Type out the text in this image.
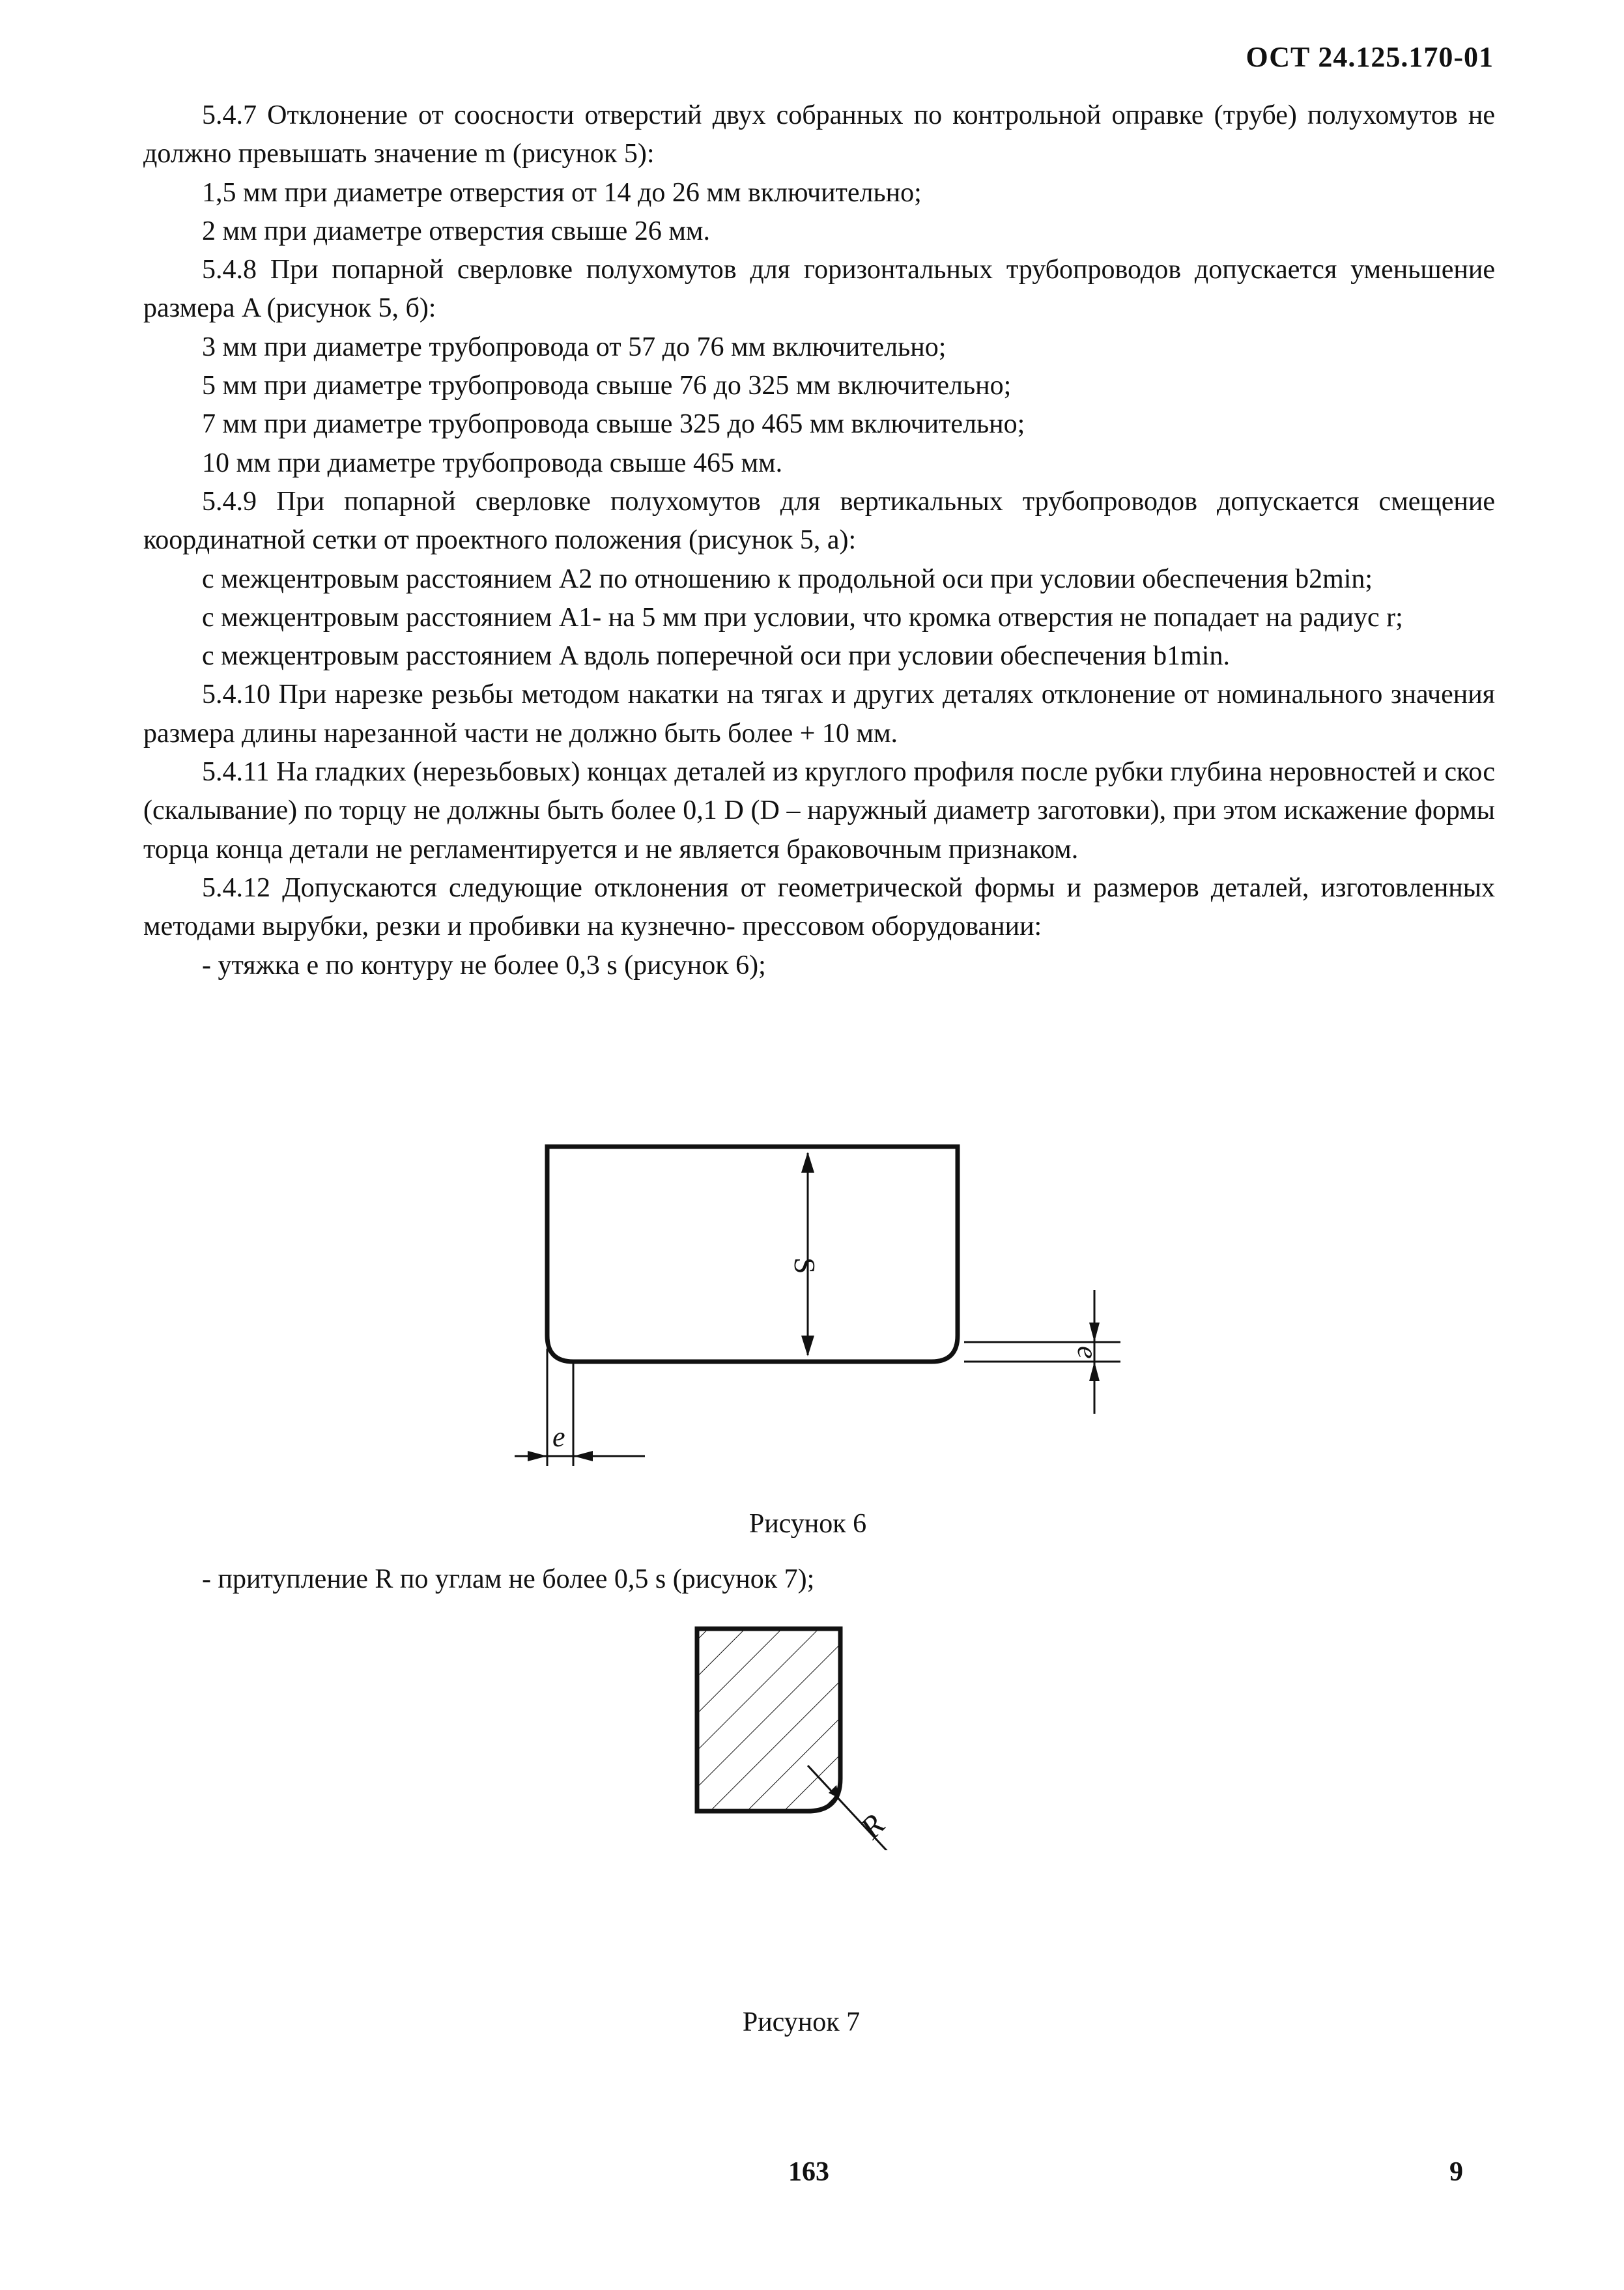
ОСТ 24.125.170-01

5.4.7 Отклонение от соосности отверстий двух собранных по контрольной оправке (трубе) полухомутов не должно превышать значение m (рисунок 5):

1,5 мм при диаметре отверстия от 14 до 26 мм включительно;

2 мм при диаметре отверстия свыше 26 мм.

5.4.8 При попарной сверловке полухомутов для горизонтальных трубопроводов допускается уменьшение размера A (рисунок 5, б):

3 мм при диаметре трубопровода от 57 до 76 мм включительно;

5 мм при диаметре трубопровода свыше 76 до 325 мм включительно;

7 мм при диаметре трубопровода свыше 325 до 465 мм включительно;

10 мм при диаметре трубопровода свыше 465 мм.

5.4.9 При попарной сверловке полухомутов для вертикальных трубопроводов допускается смещение координатной сетки от проектного положения (рисунок 5, а):

с межцентровым расстоянием A2 по отношению к продольной оси при условии обеспечения b2min;

с межцентровым расстоянием A1- на 5 мм при условии, что кромка отверстия не попадает на радиус r;

с межцентровым расстоянием A вдоль поперечной оси при условии обеспечения b1min.

5.4.10 При нарезке резьбы методом накатки на тягах и других деталях отклонение от номинального значения размера длины нарезанной части не должно быть более + 10 мм.

5.4.11 На гладких (нерезьбовых) концах деталей из круглого профиля после рубки глубина неровностей и скос (скалывание) по торцу не должны быть более 0,1 D (D – наружный диаметр заготовки), при этом искажение формы торца конца детали не регламентируется и не является браковочным признаком.

5.4.12 Допускаются следующие отклонения от геометрической формы и размеров деталей, изготовленных методами вырубки, резки и пробивки на кузнечно- прессовом оборудовании:

- утяжка e по контуру не более 0,3 s (рисунок 6);

S
e
e
Рисунок 6

- притупление R по углам не более 0,5 s (рисунок 7);

R
Рисунок 7
163	9
